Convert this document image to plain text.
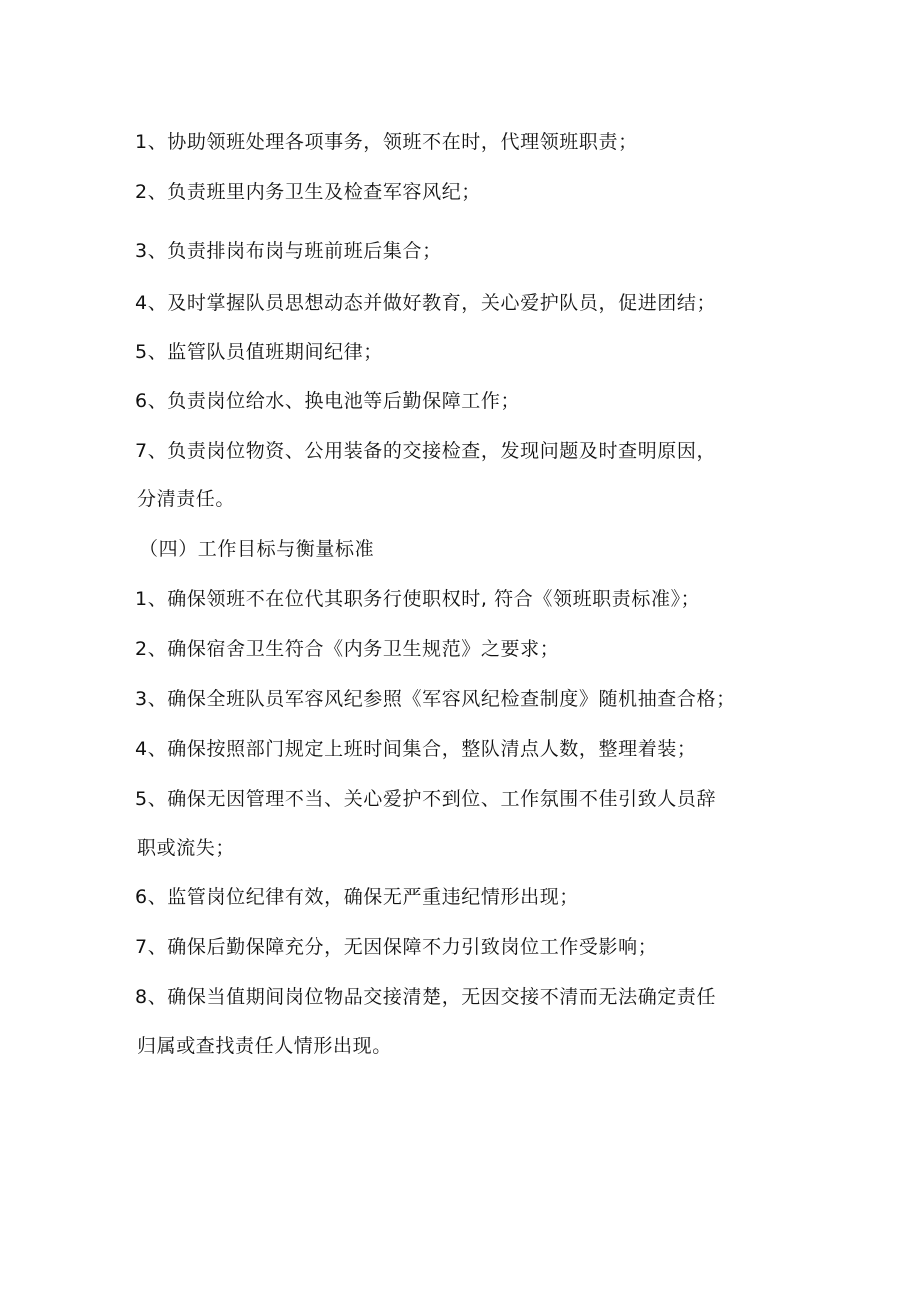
1、协助领班处理各项事务，领班不在时，代理领班职责；
2、负责班里内务卫生及检查军容风纪；
3、负责排岗布岗与班前班后集合；
4、及时掌握队员思想动态并做好教育，关心爱护队员，促进团结；
5、监管队员值班期间纪律；
6、负责岗位给水、换电池等后勤保障工作；
7、负责岗位物资、公用装备的交接检查，发现问题及时查明原因，
分清责任。
（四）工作目标与衡量标准
1、确保领班不在位代其职务行使职权时, 符合《领班职责标准》；
2、确保宿舍卫生符合《内务卫生规范》之要求；
3、确保全班队员军容风纪参照《军容风纪检查制度》随机抽查合格；
4、确保按照部门规定上班时间集合，整队清点人数，整理着装；
5、确保无因管理不当、关心爱护不到位、工作氛围不佳引致人员辞
职或流失；
6、监管岗位纪律有效，确保无严重违纪情形出现；
7、确保后勤保障充分，无因保障不力引致岗位工作受影响；
8、确保当值期间岗位物品交接清楚，无因交接不清而无法确定责任
归属或查找责任人情形出现。
